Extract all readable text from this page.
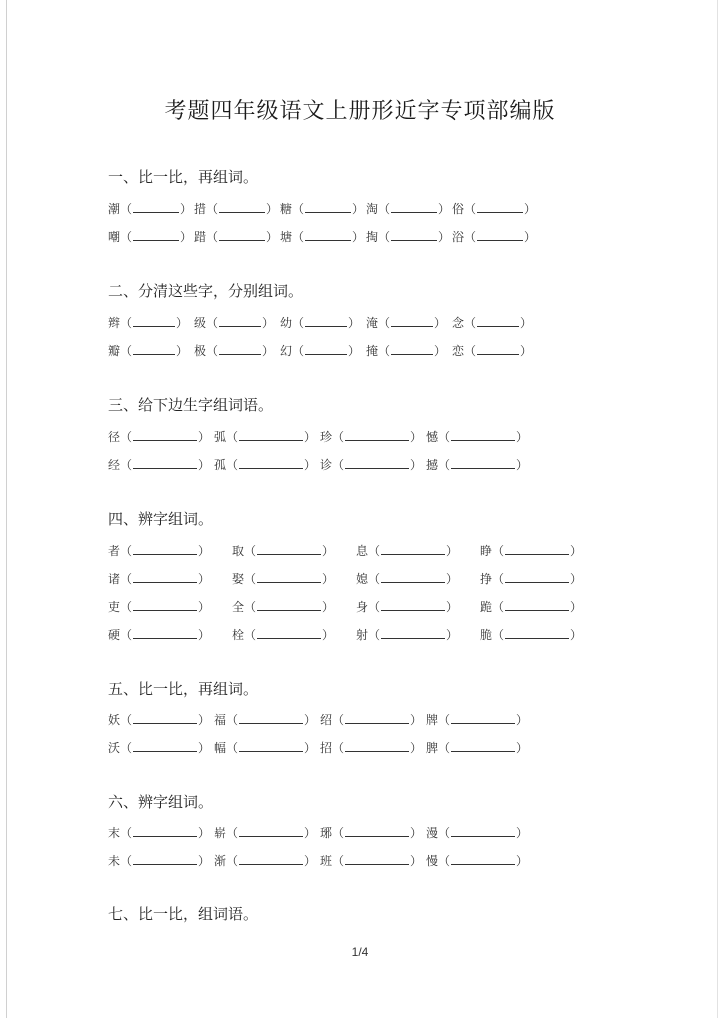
考题四年级语文上册形近字专项部编版
一、比一比，再组词。
潮（	） 措（	） 糖（	） 淘（	） 俗（	）
嘲（	） 踖（	） 塘（	） 掏（	） 浴（	）
二、分清这些字，分别组词。
辫（	） 级（	） 幼（	） 淹（	） 念（	）
瓣（	） 极（	） 幻（	） 掩（	） 恋（	）
三、给下边生字组词语。
径（	） 弧（	） 珍（	） 憾（	）
经（	） 孤（	） 诊（	） 撼（	）
四、辨字组词。
者（	） 取（	） 息（	） 睁（	）
诸（	） 娶（	） 媳（	） 挣（	）
吏（	） 全（	） 身（	） 跪（	）
硬（	） 栓（	） 射（	） 脆（	）
五、比一比，再组词。
妖（	） 福（	） 绍（	） 牌（	）
沃（	） 幅（	） 招（	） 脾（	）
六、辨字组词。
末（	） 崭（	） 琊（	） 漫（	）
未（	） 渐（	） 班（	） 慢（	）
七、比一比，组词语。
1/4
